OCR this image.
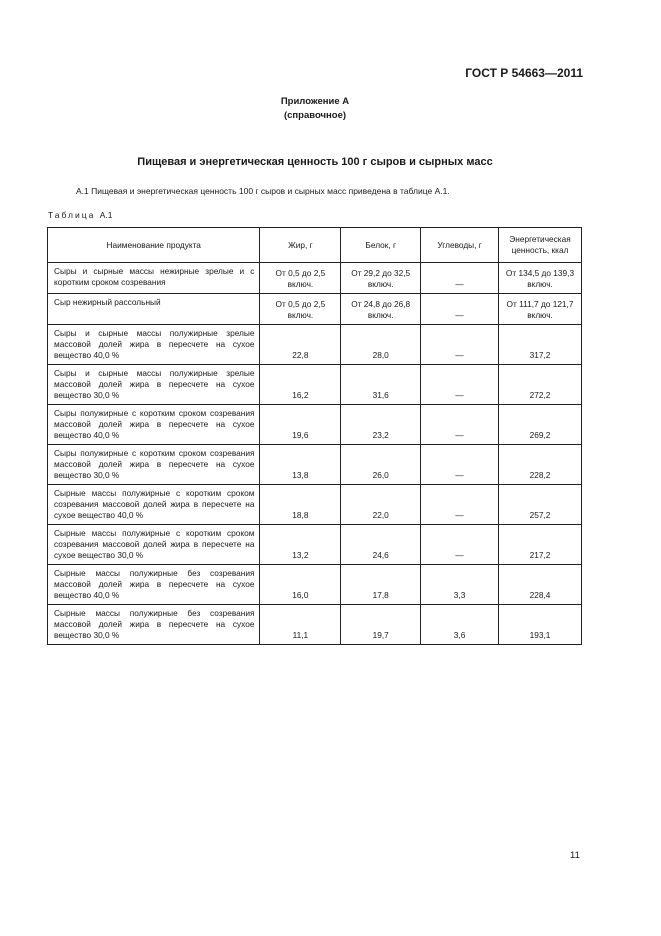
ГОСТ Р 54663—2011
Приложение А
(справочное)
Пищевая и энергетическая ценность 100 г сыров и сырных масс
А.1 Пищевая и энергетическая ценность 100 г сыров и сырных масс приведена в таблице А.1.
Таблица А.1
Наименование продукта	Жир, г	Белок, г	Углеводы, г	Энергетическая ценность, ккал
Сыры и сырные массы нежирные зрелые и с коротким сроком созревания	От 0,5 до 2,5 включ.	От 29,2 до 32,5 включ.	—	От 134,5 до 139,3 включ.
Сыр нежирный рассольный	От 0,5 до 2,5 включ.	От 24,8 до 26,8 включ.	—	От 111,7 до 121,7 включ.
Сыры и сырные массы полужирные зрелые массовой долей жира в пересчете на сухое вещество 40,0 %	22,8	28,0	—	317,2
Сыры и сырные массы полужирные зрелые массовой долей жира в пересчете на сухое вещество 30,0 %	16,2	31,6	—	272,2
Сыры полужирные с коротким сроком созревания массовой долей жира в пересчете на сухое вещество 40,0 %	19,6	23,2	—	269,2
Сыры полужирные с коротким сроком созревания массовой долей жира в пересчете на сухое вещество 30,0 %	13,8	26,0	—	228,2
Сырные массы полужирные с коротким сроком созревания массовой долей жира в пересчете на сухое вещество 40,0 %	18,8	22,0	—	257,2
Сырные массы полужирные с коротким сроком созревания массовой долей жира в пересчете на сухое вещество 30,0 %	13,2	24,6	—	217,2
Сырные массы полужирные без созревания массовой долей жира в пересчете на сухое вещество 40,0 %	16,0	17,8	3,3	228,4
Сырные массы полужирные без созревания массовой долей жира в пересчете на сухое вещество 30,0 %	11,1	19,7	3,6	193,1
11
